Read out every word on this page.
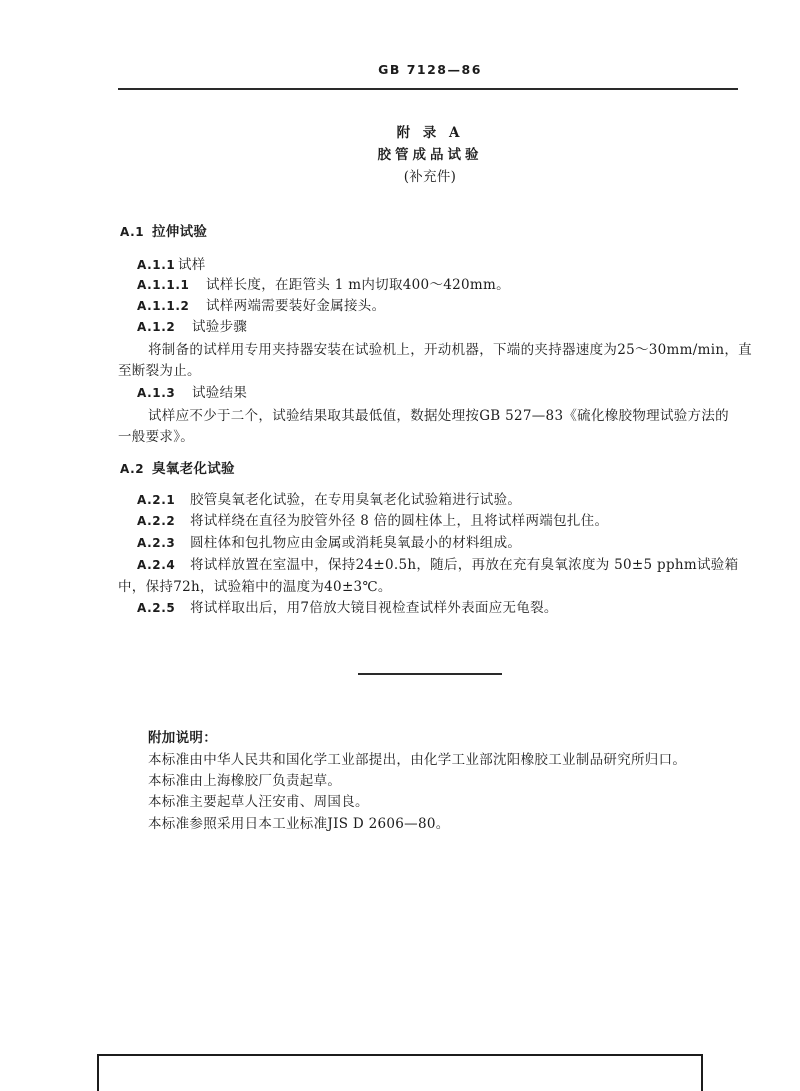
GB 7128—86
附 录 A
胶管成品试验
(补充件)
A.1 拉伸试验
A.1.1 试样
A.1.1.1 试样长度，在距管头 1 m内切取400～420mm。
A.1.1.2 试样两端需要装好金属接头。
A.1.2 试验步骤
将制备的试样用专用夹持器安装在试验机上，开动机器，下端的夹持器速度为25～30mm/min，直
至断裂为止。
A.1.3 试验结果
试样应不少于二个，试验结果取其最低值，数据处理按GB 527—83《硫化橡胶物理试验方法的
一般要求》。
A.2 臭氧老化试验
A.2.1 胶管臭氧老化试验，在专用臭氧老化试验箱进行试验。
A.2.2 将试样绕在直径为胶管外径 8 倍的圆柱体上，且将试样两端包扎住。
A.2.3 圆柱体和包扎物应由金属或消耗臭氧最小的材料组成。
A.2.4 将试样放置在室温中，保持24±0.5h，随后，再放在充有臭氧浓度为 50±5 pphm试验箱
中，保持72h，试验箱中的温度为40±3℃。
A.2.5 将试样取出后，用7倍放大镜目视检查试样外表面应无龟裂。
附加说明：
本标准由中华人民共和国化学工业部提出，由化学工业部沈阳橡胶工业制品研究所归口。
本标准由上海橡胶厂负责起草。
本标准主要起草人汪安甫、周国良。
本标准参照采用日本工业标准JIS D 2606—80。
